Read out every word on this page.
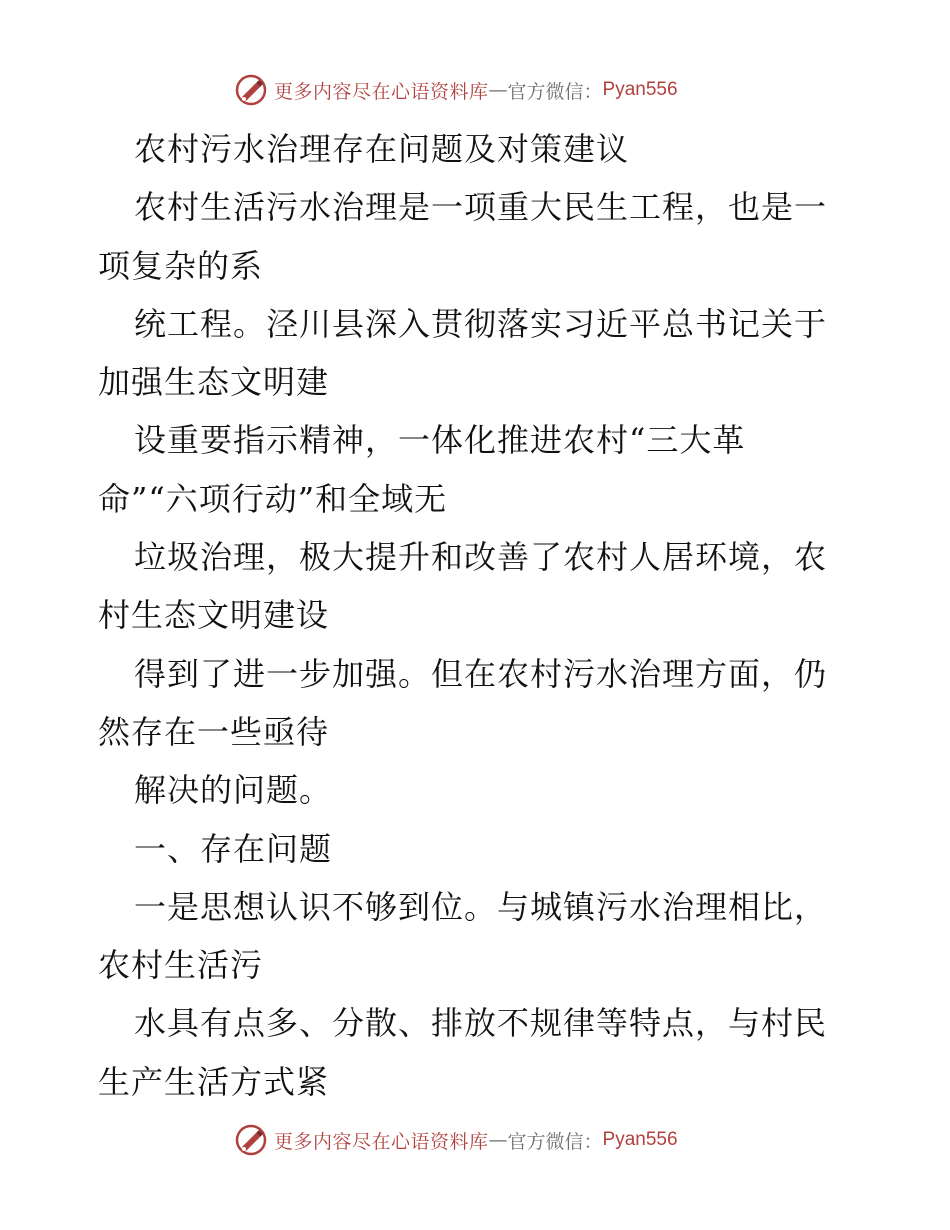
更多内容尽在心语资料库 — 官方微信： Pyan556
农村污水治理存在问题及对策建议
农村生活污水治理是一项重大民生工程，也是一
项复杂的系
统工程。泾川县深入贯彻落实习近平总书记关于
加强生态文明建
设重要指示精神，一体化推进农村“三大革
命”“六项行动”和全域无
垃圾治理，极大提升和改善了农村人居环境，农
村生态文明建设
得到了进一步加强。但在农村污水治理方面，仍
然存在一些亟待
解决的问题。
一、存在问题
一是思想认识不够到位。与城镇污水治理相比，
农村生活污
水具有点多、分散、排放不规律等特点，与村民
生产生活方式紧
更多内容尽在心语资料库 — 官方微信： Pyan556
